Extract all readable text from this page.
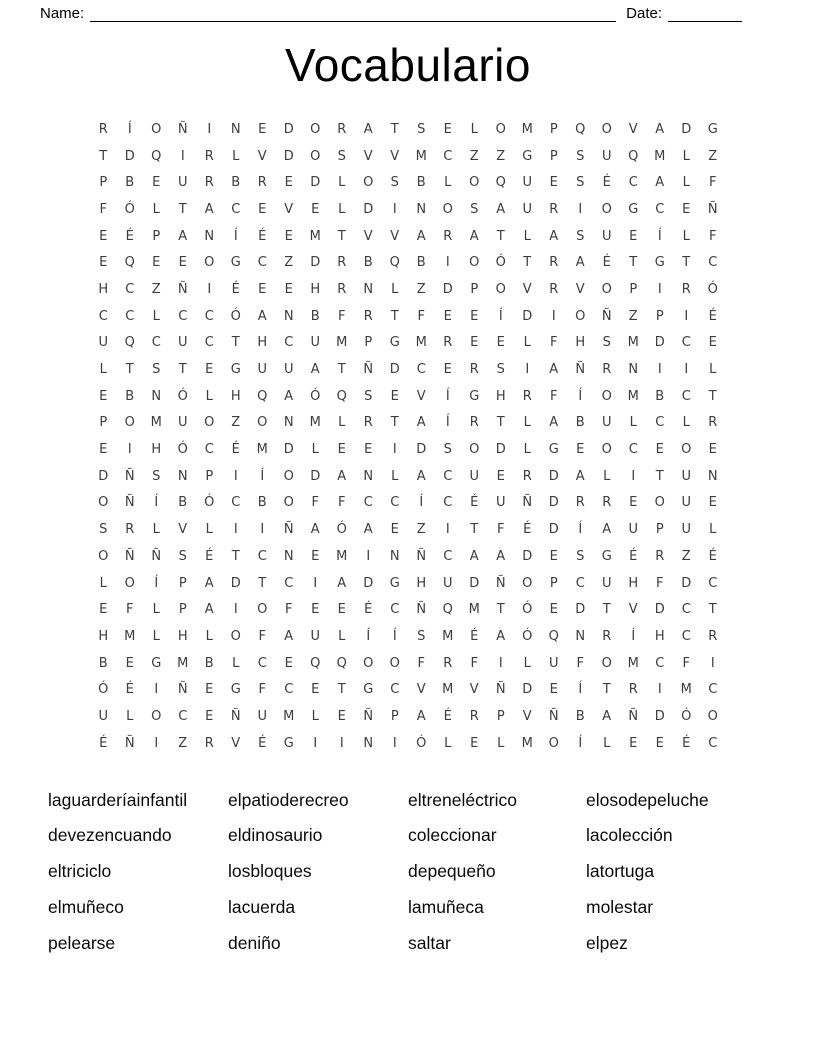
Name:	Date:
Vocabulario
R	Í	O	Ñ	I	N	E	D	O	R	A	T	S	E	L	O	M	P	Q	O	V	A	D	G
T	D	Q	I	R	L	V	D	O	S	V	V	M	C	Z	Z	G	P	S	U	Q	M	L	Z
P	B	E	U	R	B	R	E	D	L	O	S	B	L	O	Q	U	E	S	É	C	A	L	F
F	Ó	L	T	A	C	E	V	E	L	D	I	N	O	S	A	U	R	I	O	G	C	E	Ñ
E	É	P	A	N	Í	É	E	M	T	V	V	A	R	A	T	L	A	S	U	E	Í	L	F
E	Q	E	E	O	G	C	Z	D	R	B	Q	B	I	O	Ó	T	R	A	É	T	G	T	C
H	C	Z	Ñ	I	É	E	E	H	R	N	L	Z	D	P	O	V	R	V	O	P	I	R	Ó
C	C	L	C	C	Ó	A	N	B	F	R	T	F	E	E	Í	D	I	O	Ñ	Z	P	I	É
U	Q	C	U	C	T	H	C	U	M	P	G	M	R	E	E	L	F	H	S	M	D	C	E
L	T	S	T	E	G	U	U	A	T	Ñ	D	C	E	R	S	I	A	Ñ	R	N	I	I	L
E	B	N	Ó	L	H	Q	A	Ó	Q	S	E	V	Í	G	H	R	F	Í	O	M	B	C	T
P	O	M	U	O	Z	O	N	M	L	R	T	A	Í	R	T	L	A	B	U	L	C	L	R
E	I	H	Ó	C	É	M	D	L	E	E	I	D	S	O	D	L	G	E	O	C	E	O	E
D	Ñ	S	N	P	I	Í	O	D	A	N	L	A	C	U	E	R	D	A	L	I	T	U	N
O	Ñ	Í	B	Ó	C	B	O	F	F	C	C	Í	C	É	U	Ñ	D	R	R	E	O	U	E
S	R	L	V	L	I	I	Ñ	A	Ó	A	E	Z	I	T	F	É	D	Í	A	U	P	U	L
O	Ñ	Ñ	S	É	T	C	N	E	M	I	N	Ñ	C	A	A	D	E	S	G	É	R	Z	É
L	O	Í	P	A	D	T	C	I	A	D	G	H	U	D	Ñ	O	P	C	U	H	F	D	C
E	F	L	P	A	I	O	F	E	E	É	C	Ñ	Q	M	T	Ó	E	D	T	V	D	C	T
H	M	L	H	L	O	F	A	U	L	Í	Í	S	M	É	A	Ó	Q	N	R	Í	H	C	R
B	E	G	M	B	L	C	E	Q	Q	O	O	F	R	F	I	L	U	F	O	M	C	F	I
Ó	É	I	Ñ	E	G	F	C	E	T	G	C	V	M	V	Ñ	D	E	Í	T	R	I	M	C
U	L	O	C	E	Ñ	U	M	L	E	Ñ	P	A	É	R	P	V	Ñ	B	A	Ñ	D	Ó	O
É	Ñ	I	Z	R	V	É	G	I	I	N	I	Ó	L	E	L	M	O	Í	L	E	E	É	C
laguarderíainfantil
devezencuando
eltriciclo
elmuñeco
pelearse
elpatioderecreo
eldinosaurio
losbloques
lacuerda
deniño
eltreneléctrico
coleccionar
depequeño
lamuñeca
saltar
elosodepeluche
lacolección
latortuga
molestar
elpez
